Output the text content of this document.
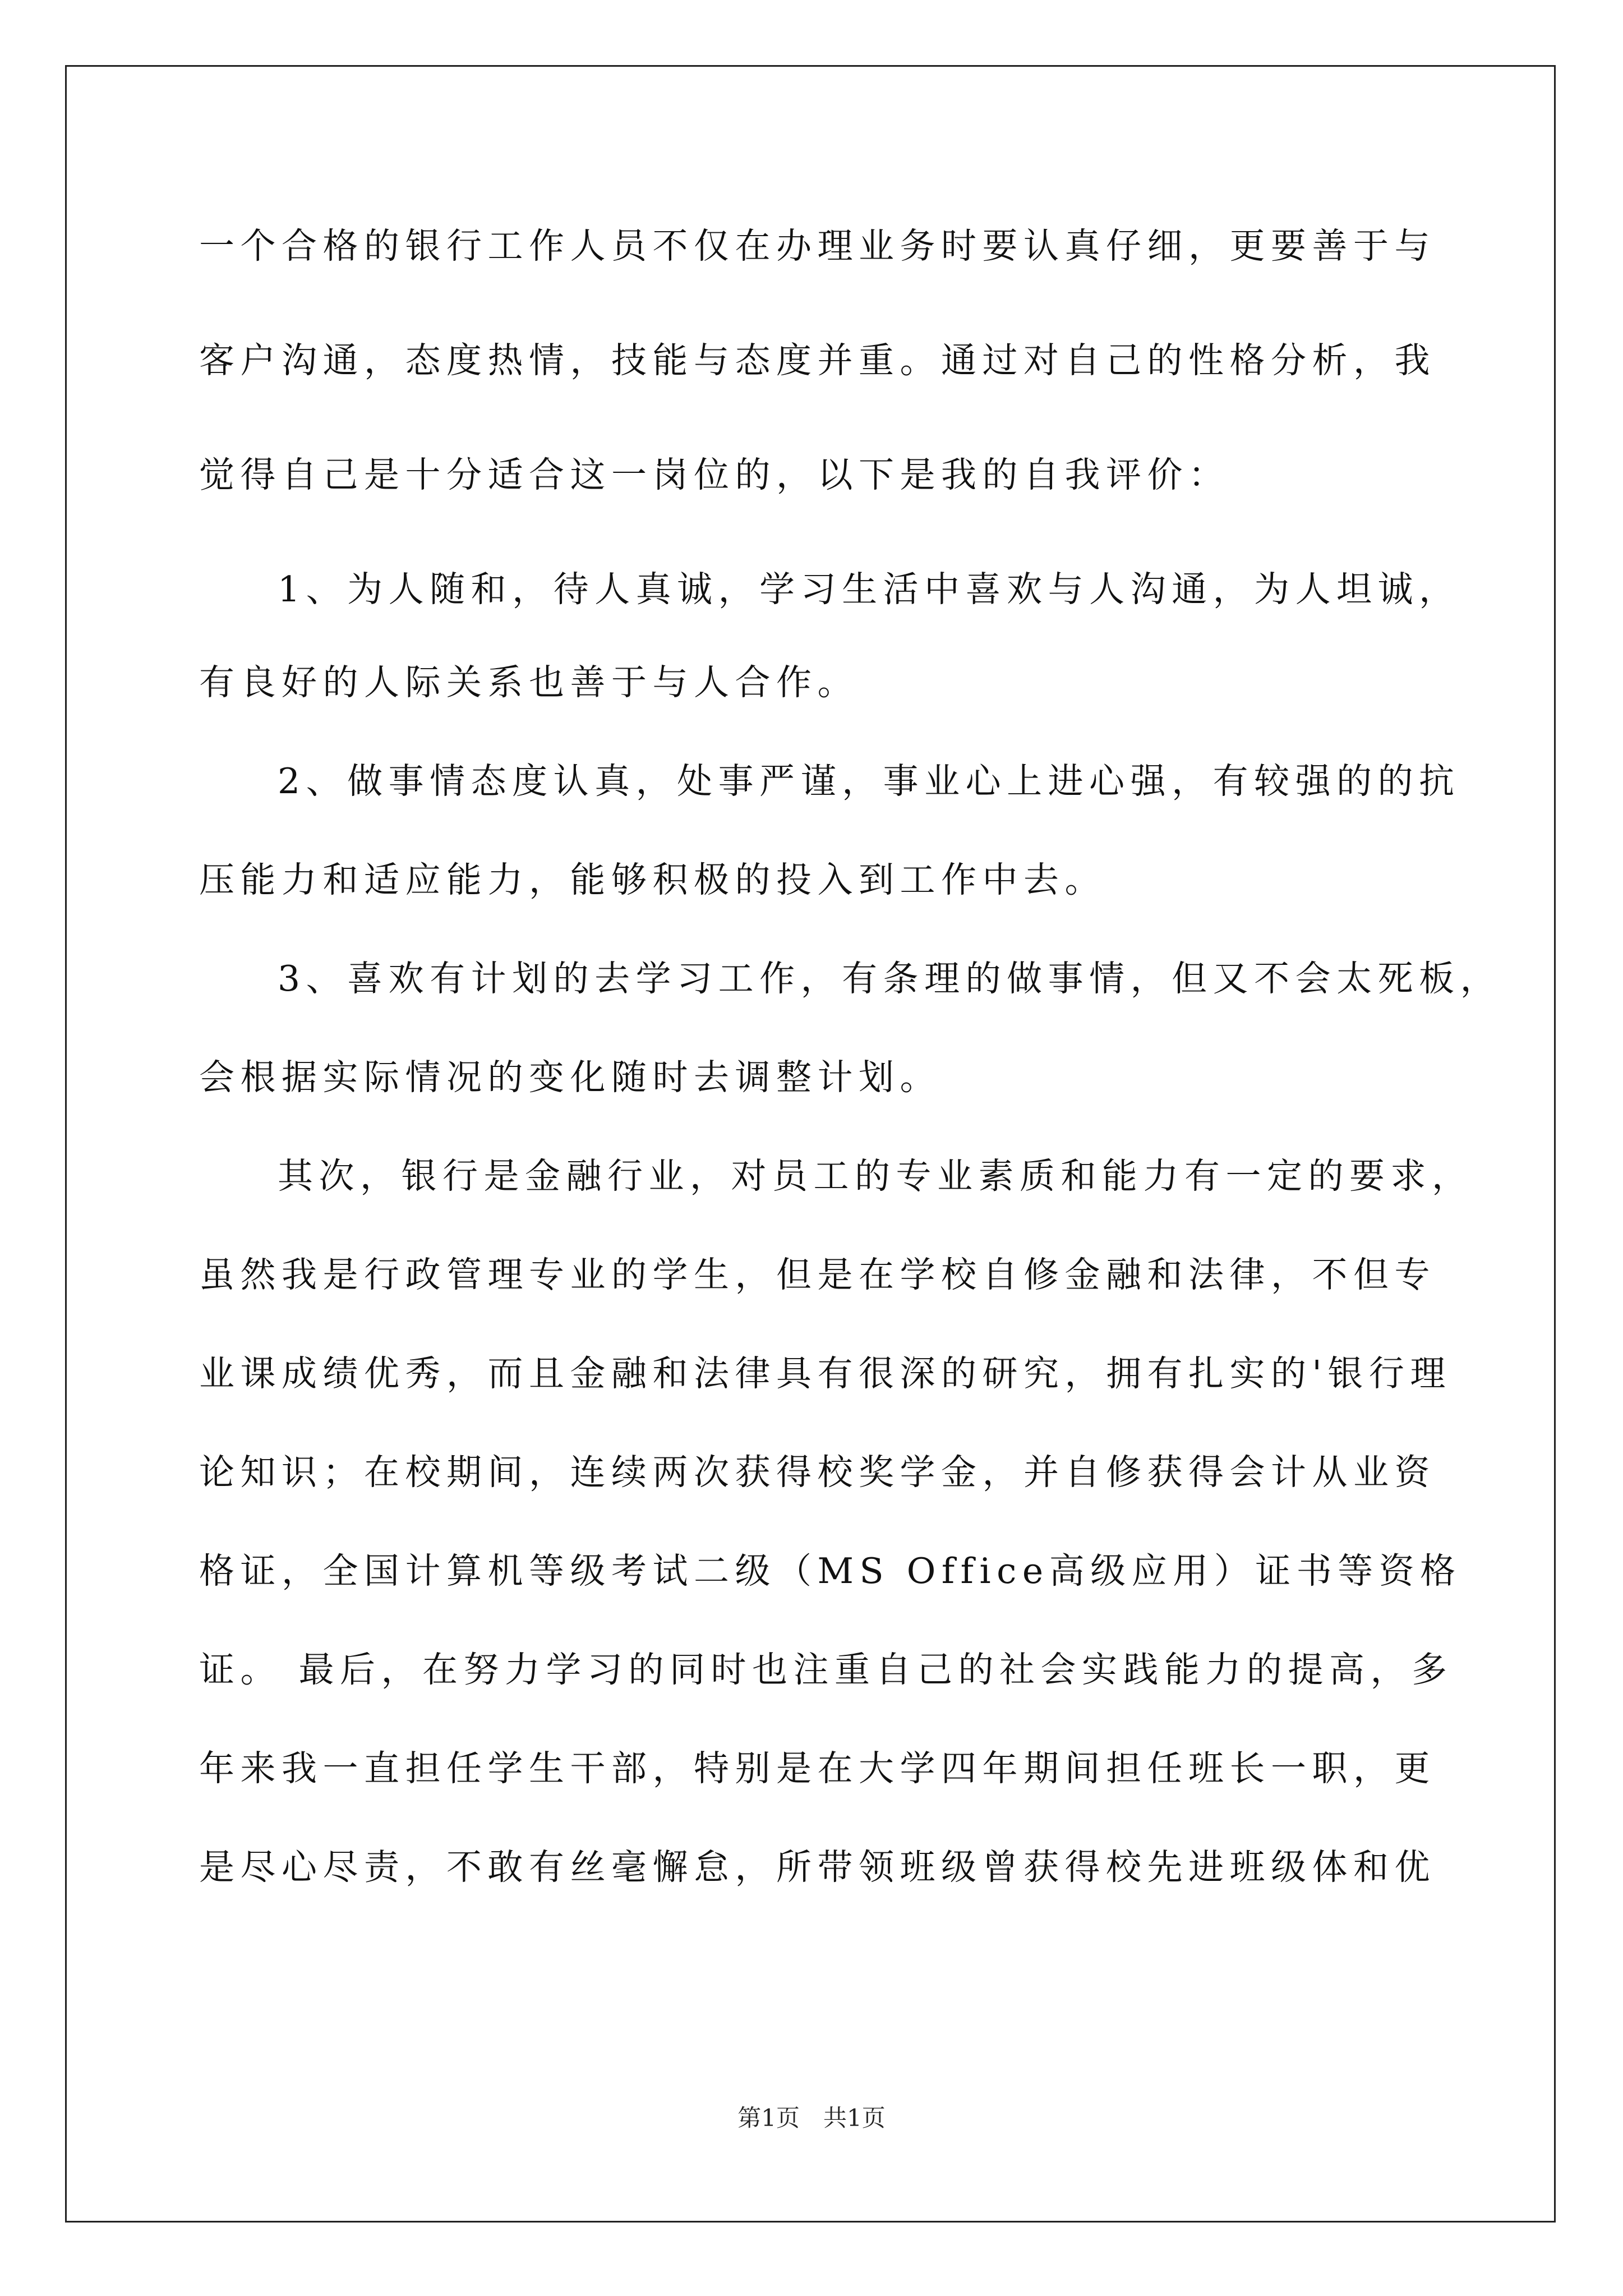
一个合格的银行工作人员不仅在办理业务时要认真仔细，更要善于与
客户沟通，态度热情，技能与态度并重。通过对自己的性格分析，我
觉得自己是十分适合这一岗位的，以下是我的自我评价：
1、为人随和，待人真诚，学习生活中喜欢与人沟通，为人坦诚，
有良好的人际关系也善于与人合作。
2、做事情态度认真，处事严谨，事业心上进心强，有较强的的抗
压能力和适应能力，能够积极的投入到工作中去。
3、喜欢有计划的去学习工作，有条理的做事情，但又不会太死板，
会根据实际情况的变化随时去调整计划。
其次，银行是金融行业，对员工的专业素质和能力有一定的要求，
虽然我是行政管理专业的学生，但是在学校自修金融和法律，不但专
业课成绩优秀，而且金融和法律具有很深的研究，拥有扎实的'银行理
论知识；在校期间，连续两次获得校奖学金，并自修获得会计从业资
格证，全国计算机等级考试二级（MS Office高级应用）证书等资格
证。 最后，在努力学习的同时也注重自己的社会实践能力的提高，多
年来我一直担任学生干部，特别是在大学四年期间担任班长一职，更
是尽心尽责，不敢有丝毫懈怠，所带领班级曾获得校先进班级体和优
第1页 共1页
